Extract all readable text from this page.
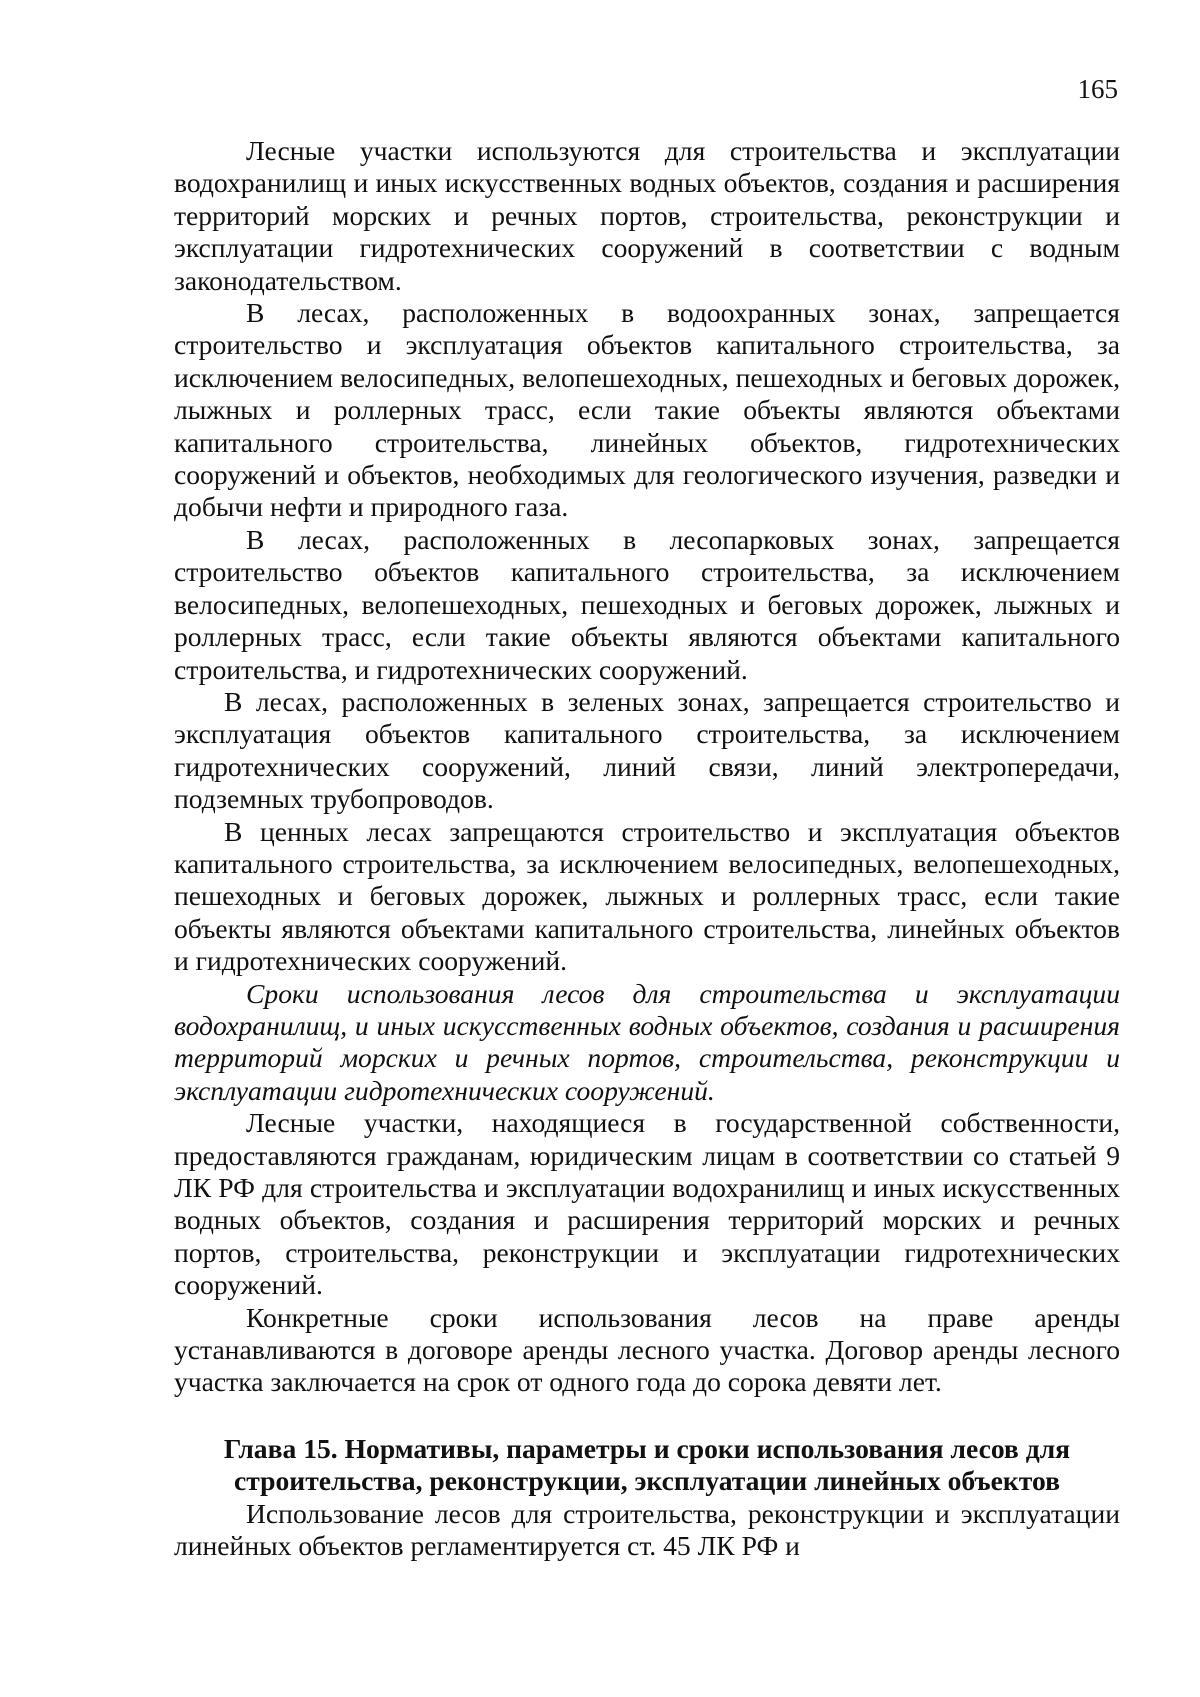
165

Лесные участки используются для строительства и эксплуатации водохранилищ и иных искусственных водных объектов, создания и расширения территорий морских и речных портов, строительства, реконструкции и эксплуатации гидротехнических сооружений в соответствии с водным законодательством.

В лесах, расположенных в водоохранных зонах, запрещается строительство и эксплуатация объектов капитального строительства, за исключением велосипедных, велопешеходных, пешеходных и беговых дорожек, лыжных и роллерных трасс, если такие объекты являются объектами капитального строительства, линейных объектов, гидротехнических сооружений и объектов, необходимых для геологического изучения, разведки и добычи нефти и природного газа.

В лесах, расположенных в лесопарковых зонах, запрещается строительство объектов капитального строительства, за исключением велосипедных, велопешеходных, пешеходных и беговых дорожек, лыжных и роллерных трасс, если такие объекты являются объектами капитального строительства, и гидротехнических сооружений.

В лесах, расположенных в зеленых зонах, запрещается строительство и эксплуатация объектов капитального строительства, за исключением гидротехнических сооружений, линий связи, линий электропередачи, подземных трубопроводов.

В ценных лесах запрещаются строительство и эксплуатация объектов капитального строительства, за исключением велосипедных, велопешеходных, пешеходных и беговых дорожек, лыжных и роллерных трасс, если такие объекты являются объектами капитального строительства, линейных объектов и гидротехнических сооружений.

Сроки использования лесов для строительства и эксплуатации водохранилищ, и иных искусственных водных объектов, создания и расширения территорий морских и речных портов, строительства, реконструкции и эксплуатации гидротехнических сооружений.

Лесные участки, находящиеся в государственной собственности, предоставляются гражданам, юридическим лицам в соответствии со статьей 9 ЛК РФ для строительства и эксплуатации водохранилищ и иных искусственных водных объектов, создания и расширения территорий морских и речных портов, строительства, реконструкции и эксплуатации гидротехнических сооружений.

Конкретные сроки использования лесов на праве аренды устанавливаются в договоре аренды лесного участка. Договор аренды лесного участка заключается на срок от одного года до сорока девяти лет.

Глава 15. Нормативы, параметры и сроки использования лесов для строительства, реконструкции, эксплуатации линейных объектов

Использование лесов для строительства, реконструкции и эксплуатации линейных объектов регламентируется ст. 45 ЛК РФ и
